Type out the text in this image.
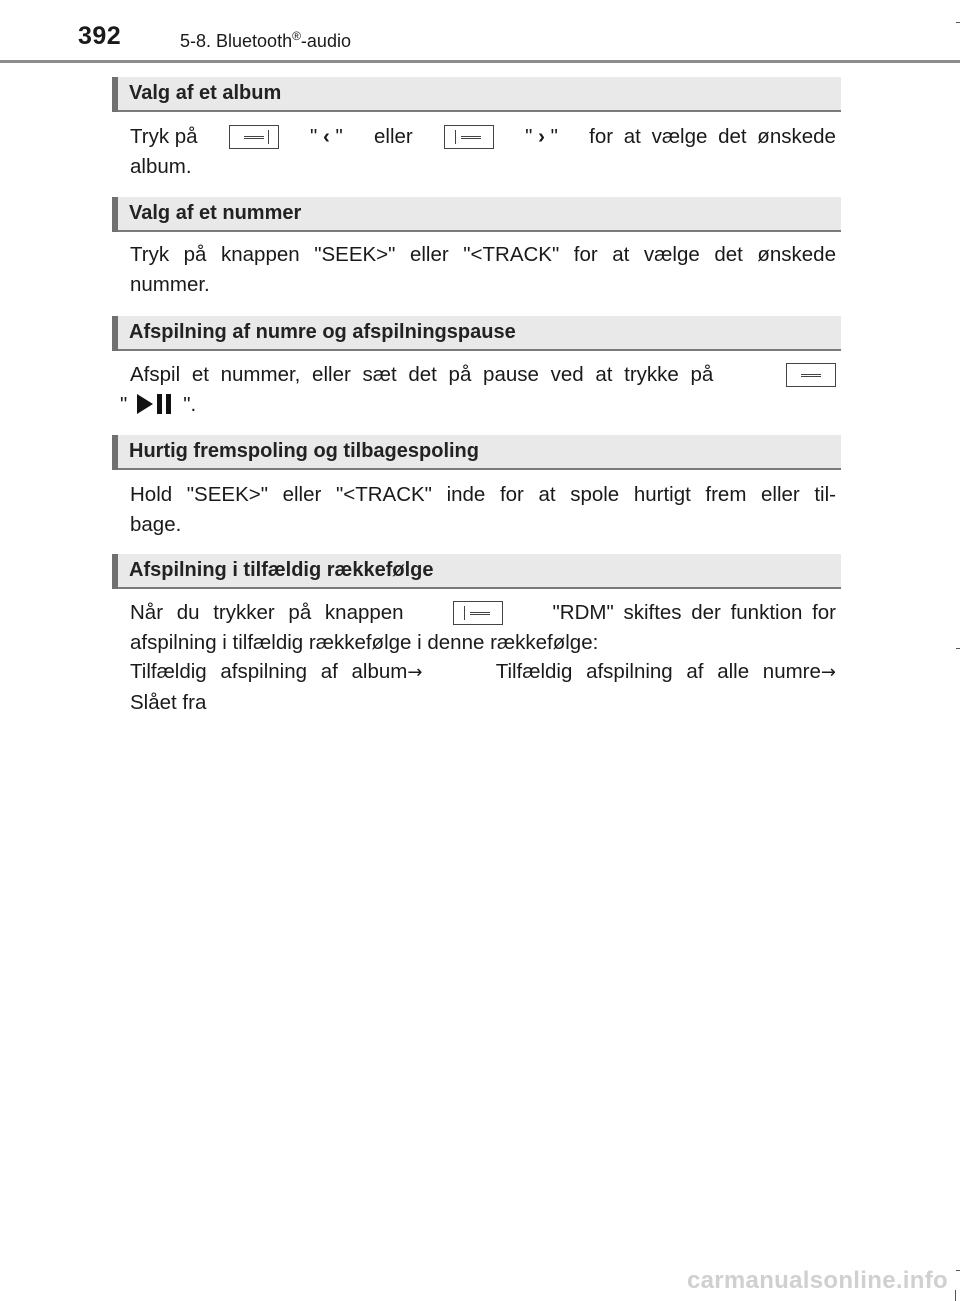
392	5-8. Bluetooth®-audio
Valg af et album
Tryk på	" ‹ " eller	" › " for at vælge det ønskede
album.
Valg af et nummer
Tryk på knappen "SEEK>" eller "<TRACK" for at vælge det ønskede
nummer.
Afspilning af numre og afspilningspause
Afspil et nummer, eller sæt det på pause ved at trykke på
"	".
Hurtig fremspoling og tilbagespoling
Hold "SEEK>" eller "<TRACK" inde for at spole hurtigt frem eller til-
bage.
Afspilning i tilfældig rækkefølge
Når du trykker på knappen	"RDM" skiftes der funktion for
afspilning i tilfældig rækkefølge i denne rækkefølge:
Tilfældig afspilning af album→	Tilfældig afspilning af alle numre→
Slået fra
carmanualsonline.info
